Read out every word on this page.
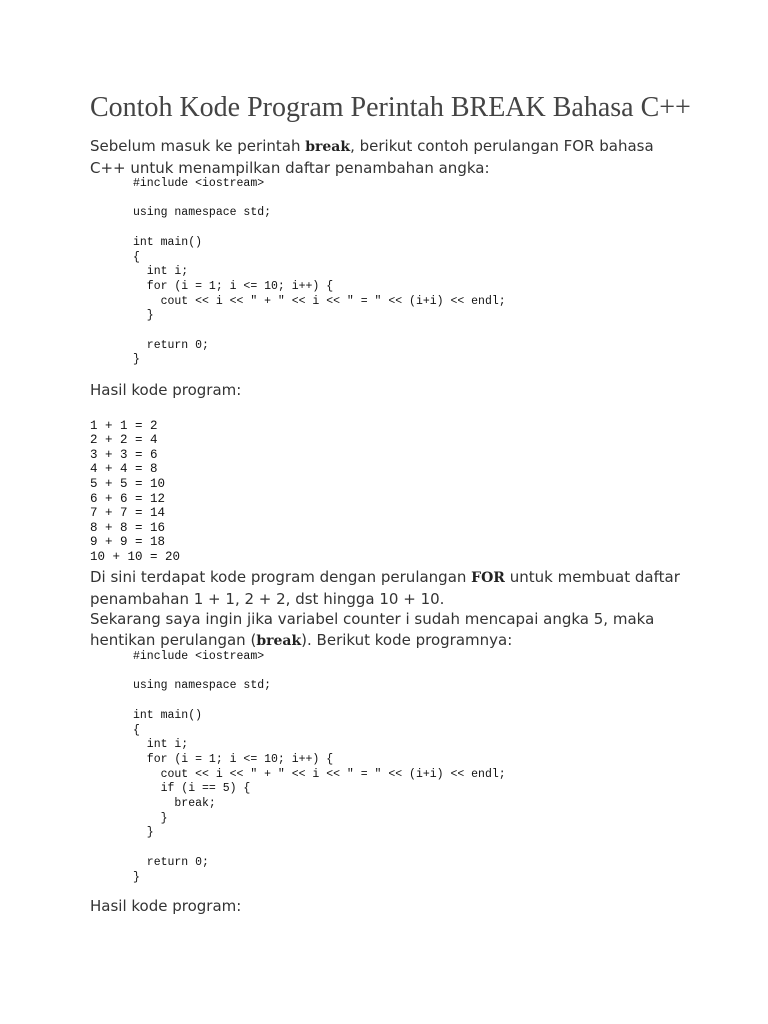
Contoh Kode Program Perintah BREAK Bahasa C++

Sebelum masuk ke perintah break, berikut contoh perulangan FOR bahasa C++ untuk menampilkan daftar penambahan angka:

#include <iostream>

using namespace std;

int main()
{
int i;
for (i = 1; i <= 10; i++) {
cout << i << " + " << i << " = " << (i+i) << endl;
}

return 0;
}

Hasil kode program:

1 + 1 = 2
2 + 2 = 4
3 + 3 = 6
4 + 4 = 8
5 + 5 = 10
6 + 6 = 12
7 + 7 = 14
8 + 8 = 16
9 + 9 = 18
10 + 10 = 20

Di sini terdapat kode program dengan perulangan FOR untuk membuat daftar penambahan 1 + 1, 2 + 2, dst hingga 10 + 10.

Sekarang saya ingin jika variabel counter i sudah mencapai angka 5, maka hentikan perulangan (break). Berikut kode programnya:

#include <iostream>

using namespace std;

int main()
{
int i;
for (i = 1; i <= 10; i++) {
cout << i << " + " << i << " = " << (i+i) << endl;
if (i == 5) {
break;
}
}

return 0;
}

Hasil kode program:
